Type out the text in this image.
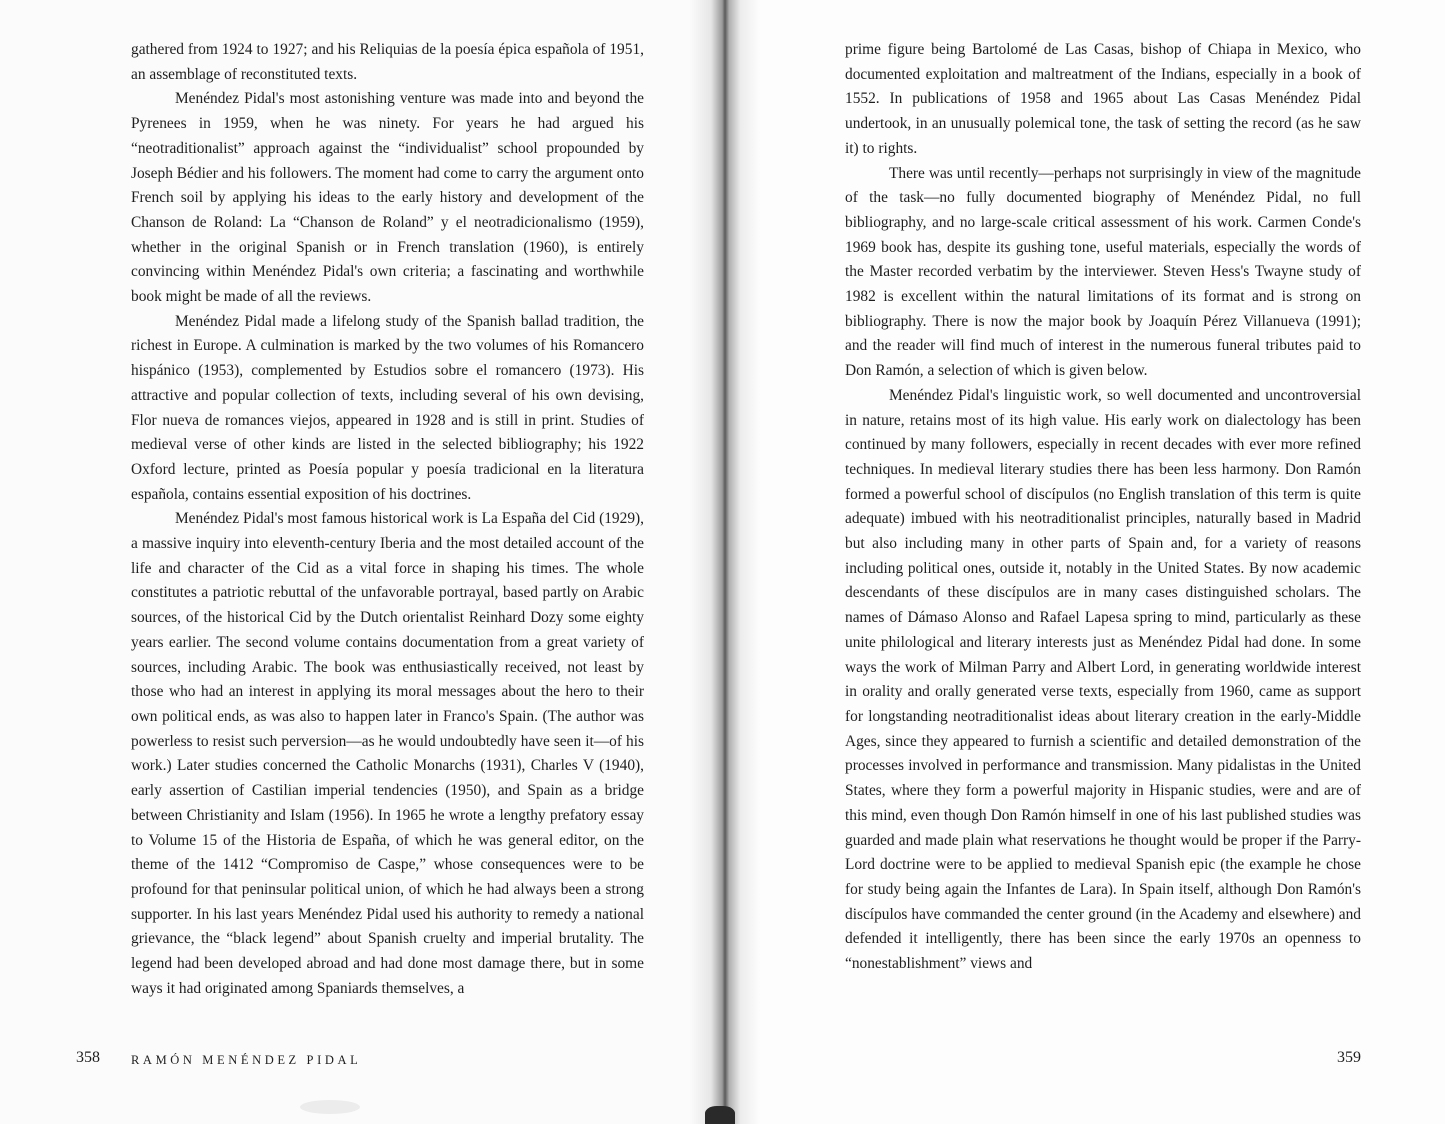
gathered from 1924 to 1927; and his Reliquias de la poesía épica española of 1951, an assemblage of reconstituted texts.

Menéndez Pidal's most astonishing venture was made into and beyond the Pyrenees in 1959, when he was ninety. For years he had argued his “neotraditionalist” approach against the “individualist” school propounded by Joseph Bédier and his followers. The moment had come to carry the argument onto French soil by applying his ideas to the early history and development of the Chanson de Roland: La “Chanson de Roland” y el neotradicionalismo (1959), whether in the original Spanish or in French translation (1960), is entirely convincing within Menéndez Pidal's own criteria; a fascinating and worthwhile book might be made of all the reviews.

Menéndez Pidal made a lifelong study of the Spanish ballad tradition, the richest in Europe. A culmination is marked by the two volumes of his Romancero hispánico (1953), complemented by Estudios sobre el romancero (1973). His attractive and popular collection of texts, including several of his own devising, Flor nueva de romances viejos, appeared in 1928 and is still in print. Studies of medieval verse of other kinds are listed in the selected bibliography; his 1922 Oxford lecture, printed as Poesía popular y poesía tradicional en la literatura española, contains essential exposition of his doctrines.

Menéndez Pidal's most famous historical work is La España del Cid (1929), a massive inquiry into eleventh-century Iberia and the most detailed account of the life and character of the Cid as a vital force in shaping his times. The whole constitutes a patriotic rebuttal of the unfavorable portrayal, based partly on Arabic sources, of the historical Cid by the Dutch orientalist Reinhard Dozy some eighty years earlier. The second volume contains documentation from a great variety of sources, including Arabic. The book was enthusiastically received, not least by those who had an interest in applying its moral messages about the hero to their own political ends, as was also to happen later in Franco's Spain. (The author was powerless to resist such perversion—as he would undoubtedly have seen it—of his work.) Later studies concerned the Catholic Monarchs (1931), Charles V (1940), early assertion of Castilian imperial tendencies (1950), and Spain as a bridge between Christianity and Islam (1956). In 1965 he wrote a lengthy prefatory essay to Volume 15 of the Historia de España, of which he was general editor, on the theme of the 1412 “Compromiso de Caspe,” whose consequences were to be profound for that peninsular political union, of which he had always been a strong supporter. In his last years Menéndez Pidal used his authority to remedy a national grievance, the “black legend” about Spanish cruelty and imperial brutality. The legend had been developed abroad and had done most damage there, but in some ways it had originated among Spaniards themselves, a

358 RAMÓN MENÉNDEZ PIDAL

prime figure being Bartolomé de Las Casas, bishop of Chiapa in Mexico, who documented exploitation and maltreatment of the Indians, especially in a book of 1552. In publications of 1958 and 1965 about Las Casas Menéndez Pidal undertook, in an unusually polemical tone, the task of setting the record (as he saw it) to rights.

There was until recently—perhaps not surprisingly in view of the magnitude of the task—no fully documented biography of Menéndez Pidal, no full bibliography, and no large-scale critical assessment of his work. Carmen Conde's 1969 book has, despite its gushing tone, useful materials, especially the words of the Master recorded verbatim by the interviewer. Steven Hess's Twayne study of 1982 is excellent within the natural limitations of its format and is strong on bibliography. There is now the major book by Joaquín Pérez Villanueva (1991); and the reader will find much of interest in the numerous funeral tributes paid to Don Ramón, a selection of which is given below.

Menéndez Pidal's linguistic work, so well documented and uncontroversial in nature, retains most of its high value. His early work on dialectology has been continued by many followers, especially in recent decades with ever more refined techniques. In medieval literary studies there has been less harmony. Don Ramón formed a powerful school of discípulos (no English translation of this term is quite adequate) imbued with his neotraditionalist principles, naturally based in Madrid but also including many in other parts of Spain and, for a variety of reasons including political ones, outside it, notably in the United States. By now academic descendants of these discípulos are in many cases distinguished scholars. The names of Dámaso Alonso and Rafael Lapesa spring to mind, particularly as these unite philological and literary interests just as Menéndez Pidal had done. In some ways the work of Milman Parry and Albert Lord, in generating worldwide interest in orality and orally generated verse texts, especially from 1960, came as support for longstanding neotraditionalist ideas about literary creation in the early-Middle Ages, since they appeared to furnish a scientific and detailed demonstration of the processes involved in performance and transmission. Many pidalistas in the United States, where they form a powerful majority in Hispanic studies, were and are of this mind, even though Don Ramón himself in one of his last published studies was guarded and made plain what reservations he thought would be proper if the Parry-Lord doctrine were to be applied to medieval Spanish epic (the example he chose for study being again the Infantes de Lara). In Spain itself, although Don Ramón's discípulos have commanded the center ground (in the Academy and elsewhere) and defended it intelligently, there has been since the early 1970s an openness to “nonestablishment” views and

359
